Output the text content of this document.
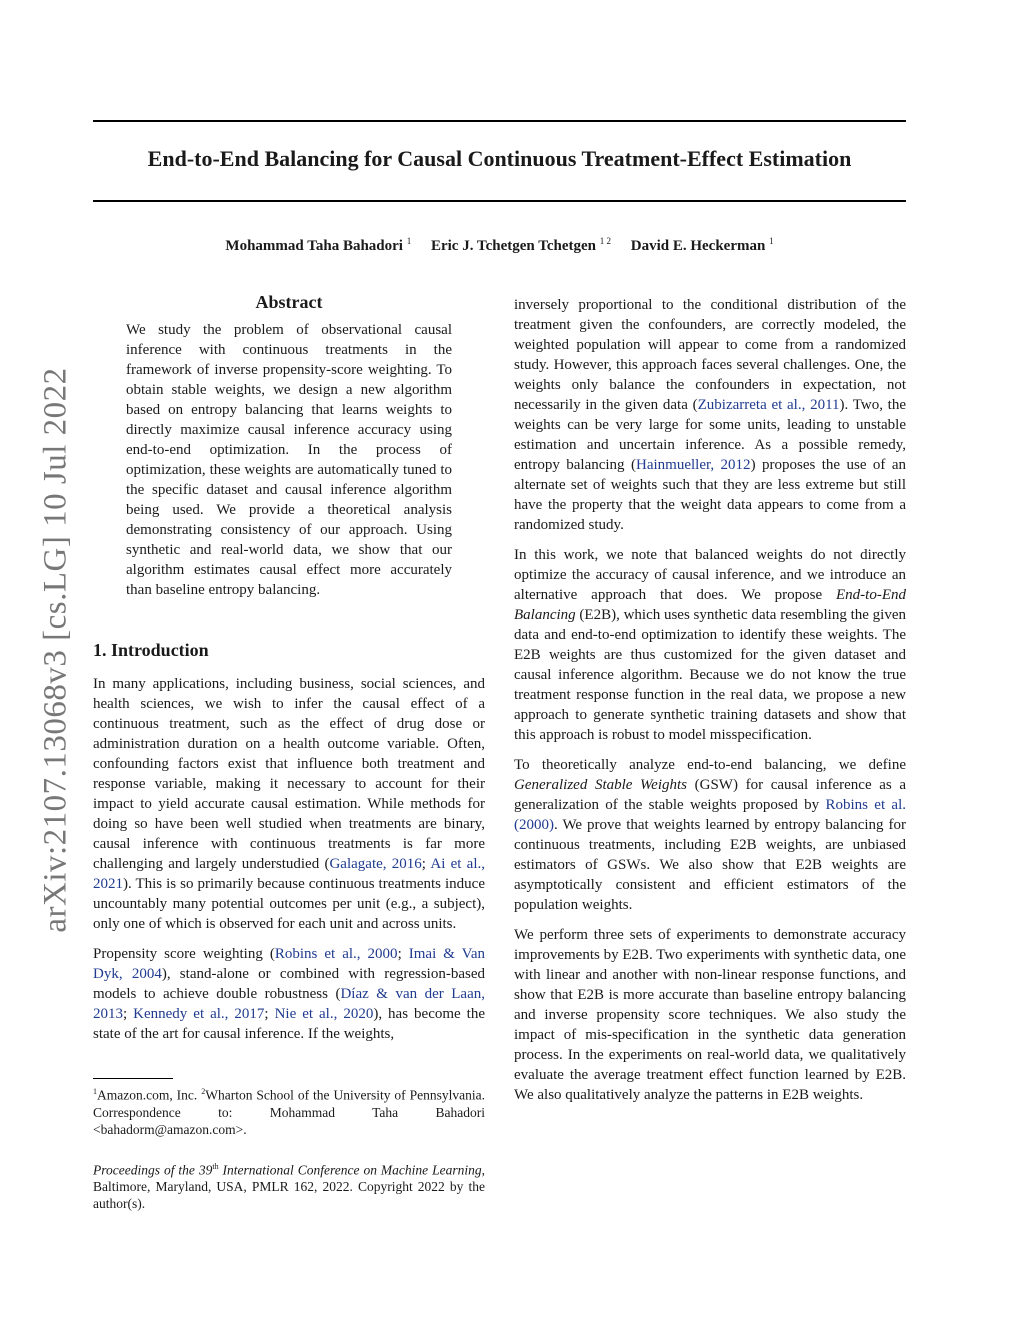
End-to-End Balancing for Causal Continuous Treatment-Effect Estimation
Mohammad Taha Bahadori $^1$ Eric J. Tchetgen Tchetgen $^{1 2}$ David E. Heckerman $^1$
arXiv:2107.13068v3 [cs.LG] 10 Jul 2022
Abstract

We study the problem of observational causal inference with continuous treatments in the framework of inverse propensity-score weighting. To obtain stable weights, we design a new algorithm based on entropy balancing that learns weights to directly maximize causal inference accuracy using end-to-end optimization. In the process of optimization, these weights are automatically tuned to the specific dataset and causal inference algorithm being used. We provide a theoretical analysis demonstrating consistency of our approach. Using synthetic and real-world data, we show that our algorithm estimates causal effect more accurately than baseline entropy balancing.

1. Introduction

In many applications, including business, social sciences, and health sciences, we wish to infer the causal effect of a continuous treatment, such as the effect of drug dose or administration duration on a health outcome variable. Often, confounding factors exist that influence both treatment and response variable, making it necessary to account for their impact to yield accurate causal estimation. While methods for doing so have been well studied when treatments are binary, causal inference with continuous treatments is far more challenging and largely understudied (Galagate, 2016; Ai et al., 2021). This is so primarily because continuous treatments induce uncountably many potential outcomes per unit (e.g., a subject), only one of which is observed for each unit and across units.

Propensity score weighting (Robins et al., 2000; Imai & Van Dyk, 2004), stand-alone or combined with regression-based models to achieve double robustness (Díaz & van der Laan, 2013; Kennedy et al., 2017; Nie et al., 2020), has become the state of the art for causal inference. If the weights,

$^1$Amazon.com, Inc. $^2$Wharton School of the University of Pennsylvania. Correspondence to: Mohammad Taha Bahadori <bahadorm@amazon.com>.
Proceedings of the 39th International Conference on Machine Learning, Baltimore, Maryland, USA, PMLR 162, 2022. Copyright 2022 by the author(s).

inversely proportional to the conditional distribution of the treatment given the confounders, are correctly modeled, the weighted population will appear to come from a randomized study. However, this approach faces several challenges. One, the weights only balance the confounders in expectation, not necessarily in the given data (Zubizarreta et al., 2011). Two, the weights can be very large for some units, leading to unstable estimation and uncertain inference. As a possible remedy, entropy balancing (Hainmueller, 2012) proposes the use of an alternate set of weights such that they are less extreme but still have the property that the weight data appears to come from a randomized study.

In this work, we note that balanced weights do not directly optimize the accuracy of causal inference, and we introduce an alternative approach that does. We propose End-to-End Balancing (E2B), which uses synthetic data resembling the given data and end-to-end optimization to identify these weights. The E2B weights are thus customized for the given dataset and causal inference algorithm. Because we do not know the true treatment response function in the real data, we propose a new approach to generate synthetic training datasets and show that this approach is robust to model misspecification.

To theoretically analyze end-to-end balancing, we define Generalized Stable Weights (GSW) for causal inference as a generalization of the stable weights proposed by Robins et al. (2000). We prove that weights learned by entropy balancing for continuous treatments, including E2B weights, are unbiased estimators of GSWs. We also show that E2B weights are asymptotically consistent and efficient estimators of the population weights.

We perform three sets of experiments to demonstrate accuracy improvements by E2B. Two experiments with synthetic data, one with linear and another with non-linear response functions, and show that E2B is more accurate than baseline entropy balancing and inverse propensity score techniques. We also study the impact of mis-specification in the synthetic data generation process. In the experiments on real-world data, we qualitatively evaluate the average treatment effect function learned by E2B. We also qualitatively analyze the patterns in E2B weights.
